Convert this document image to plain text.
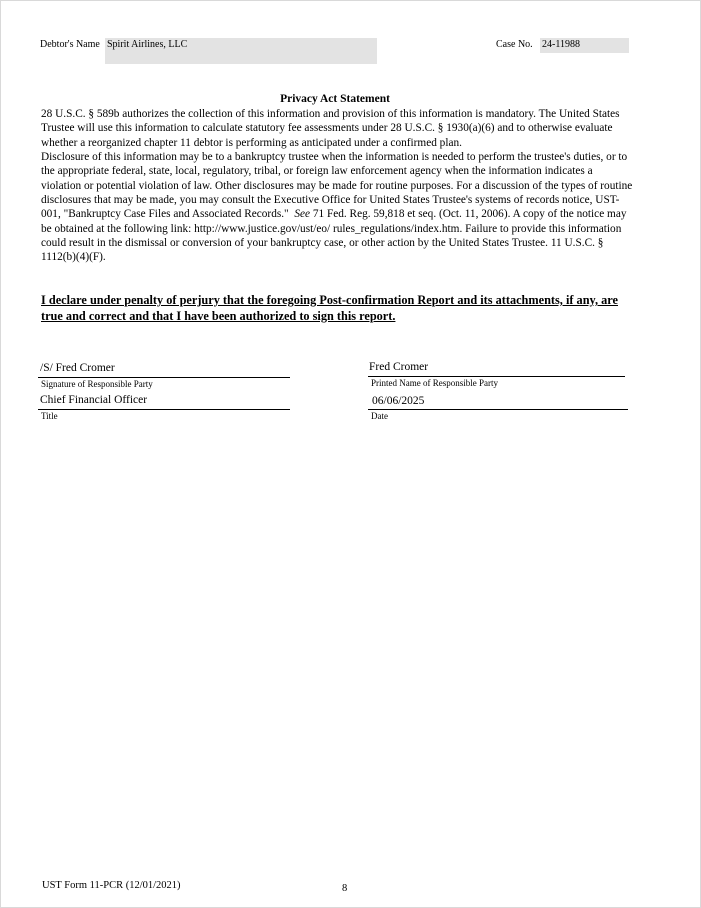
Debtor's Name Spirit Airlines, LLC	Case No. 24-11988
Privacy Act Statement

28 U.S.C. § 589b authorizes the collection of this information and provision of this information is mandatory. The United States Trustee will use this information to calculate statutory fee assessments under 28 U.S.C. § 1930(a)(6) and to otherwise evaluate whether a reorganized chapter 11 debtor is performing as anticipated under a confirmed plan.

Disclosure of this information may be to a bankruptcy trustee when the information is needed to perform the trustee's duties, or to the appropriate federal, state, local, regulatory, tribal, or foreign law enforcement agency when the information indicates a violation or potential violation of law. Other disclosures may be made for routine purposes. For a discussion of the types of routine disclosures that may be made, you may consult the Executive Office for United States Trustee's systems of records notice, UST-001, "Bankruptcy Case Files and Associated Records." See 71 Fed. Reg. 59,818 et seq. (Oct. 11, 2006). A copy of the notice may be obtained at the following link: http://www.justice.gov/ust/eo/ rules_regulations/index.htm. Failure to provide this information could result in the dismissal or conversion of your bankruptcy case, or other action by the United States Trustee. 11 U.S.C. § 1112(b)(4)(F).

I declare under penalty of perjury that the foregoing Post-confirmation Report and its attachments, if any, are true and correct and that I have been authorized to sign this report.
/S/ Fred Cromer
Signature of Responsible Party
Chief Financial Officer
Title
Fred Cromer
Printed Name of Responsible Party
06/06/2025
Date
UST Form 11-PCR (12/01/2021)	8
